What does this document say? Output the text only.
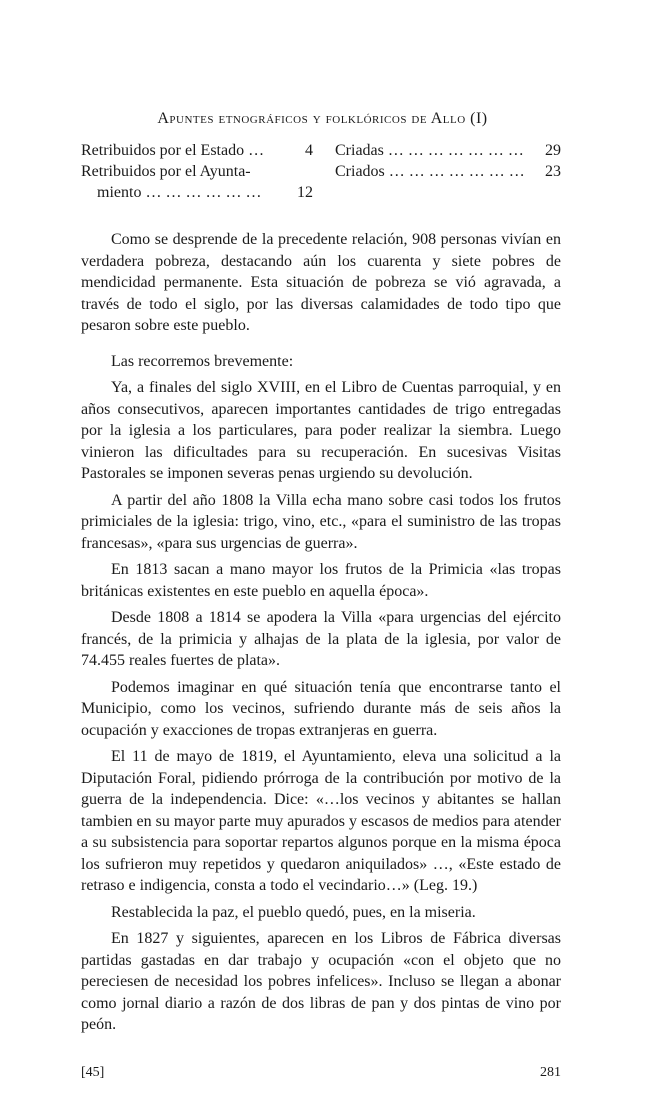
Apuntes etnográficos y folklóricos de Allo (I)
Retribuidos por el Estado …	4
Retribuidos por el Ayunta-
miento … … … … … …	12
Criadas … … … … … … …	29
Criados … … … … … … …	23

Como se desprende de la precedente relación, 908 personas vivían en verdadera pobreza, destacando aún los cuarenta y siete pobres de mendicidad permanente. Esta situación de pobreza se vió agravada, a través de todo el siglo, por las diversas calamidades de todo tipo que pesaron sobre este pueblo.

Las recorremos brevemente:

Ya, a finales del siglo XVIII, en el Libro de Cuentas parroquial, y en años consecutivos, aparecen importantes cantidades de trigo entregadas por la iglesia a los particulares, para poder realizar la siembra. Luego vinieron las dificultades para su recuperación. En sucesivas Visitas Pastorales se imponen severas penas urgiendo su devolución.

A partir del año 1808 la Villa echa mano sobre casi todos los frutos primiciales de la iglesia: trigo, vino, etc., «para el suministro de las tropas francesas», «para sus urgencias de guerra».

En 1813 sacan a mano mayor los frutos de la Primicia «las tropas británicas existentes en este pueblo en aquella época».

Desde 1808 a 1814 se apodera la Villa «para urgencias del ejército francés, de la primicia y alhajas de la plata de la iglesia, por valor de 74.455 reales fuertes de plata».

Podemos imaginar en qué situación tenía que encontrarse tanto el Municipio, como los vecinos, sufriendo durante más de seis años la ocupación y exacciones de tropas extranjeras en guerra.

El 11 de mayo de 1819, el Ayuntamiento, eleva una solicitud a la Diputación Foral, pidiendo prórroga de la contribución por motivo de la guerra de la independencia. Dice: «…los vecinos y abitantes se hallan tambien en su mayor parte muy apurados y escasos de medios para atender a su subsistencia para soportar repartos algunos porque en la misma época los sufrieron muy repetidos y quedaron aniquilados» …, «Este estado de retraso e indigencia, consta a todo el vecindario…» (Leg. 19.)

Restablecida la paz, el pueblo quedó, pues, en la miseria.

En 1827 y siguientes, aparecen en los Libros de Fábrica diversas partidas gastadas en dar trabajo y ocupación «con el objeto que no pereciesen de necesidad los pobres infelices». Incluso se llegan a abonar como jornal diario a razón de dos libras de pan y dos pintas de vino por peón.

[45]	281
